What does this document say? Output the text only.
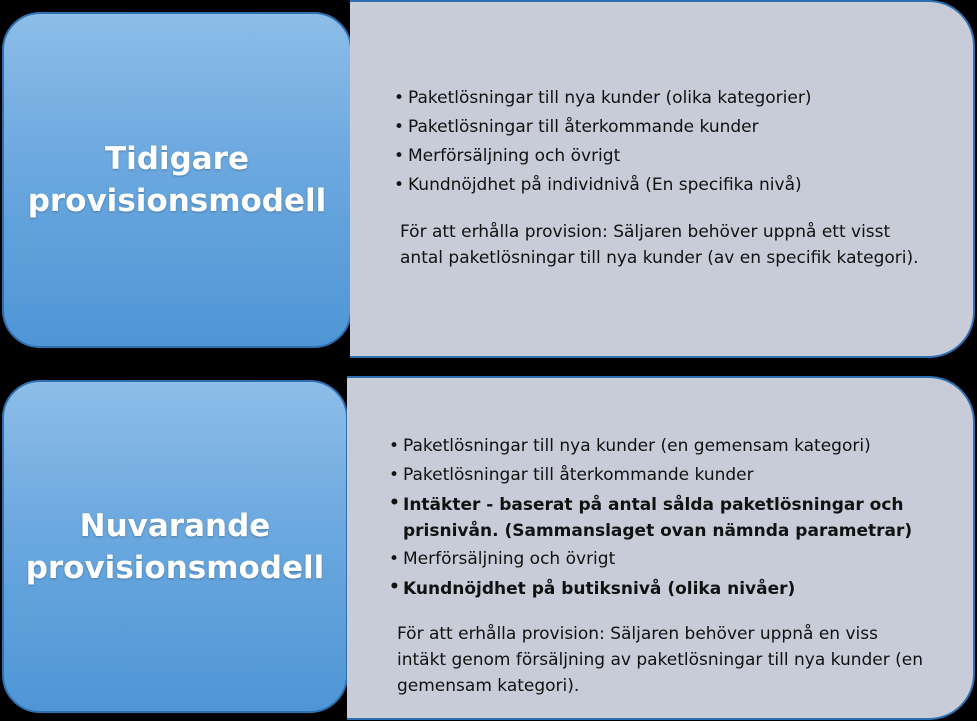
Tidigare
provisionsmodell
• Paketlösningar till nya kunder (olika kategorier)
• Paketlösningar till återkommande kunder
• Merförsäljning och övrigt
• Kundnöjdhet på individnivå (En specifika nivå)
För att erhålla provision: Säljaren behöver uppnå ett visst antal paketlösningar till nya kunder (av en specifik kategori).
Nuvarande
provisionsmodell
• Paketlösningar till nya kunder (en gemensam kategori)
• Paketlösningar till återkommande kunder
• Intäkter - baserat på antal sålda paketlösningar och prisnivån. (Sammanslaget ovan nämnda parametrar)
• Merförsäljning och övrigt
• Kundnöjdhet på butiksnivå (olika nivåer)
För att erhålla provision: Säljaren behöver uppnå en viss intäkt genom försäljning av paketlösningar till nya kunder (en gemensam kategori).
